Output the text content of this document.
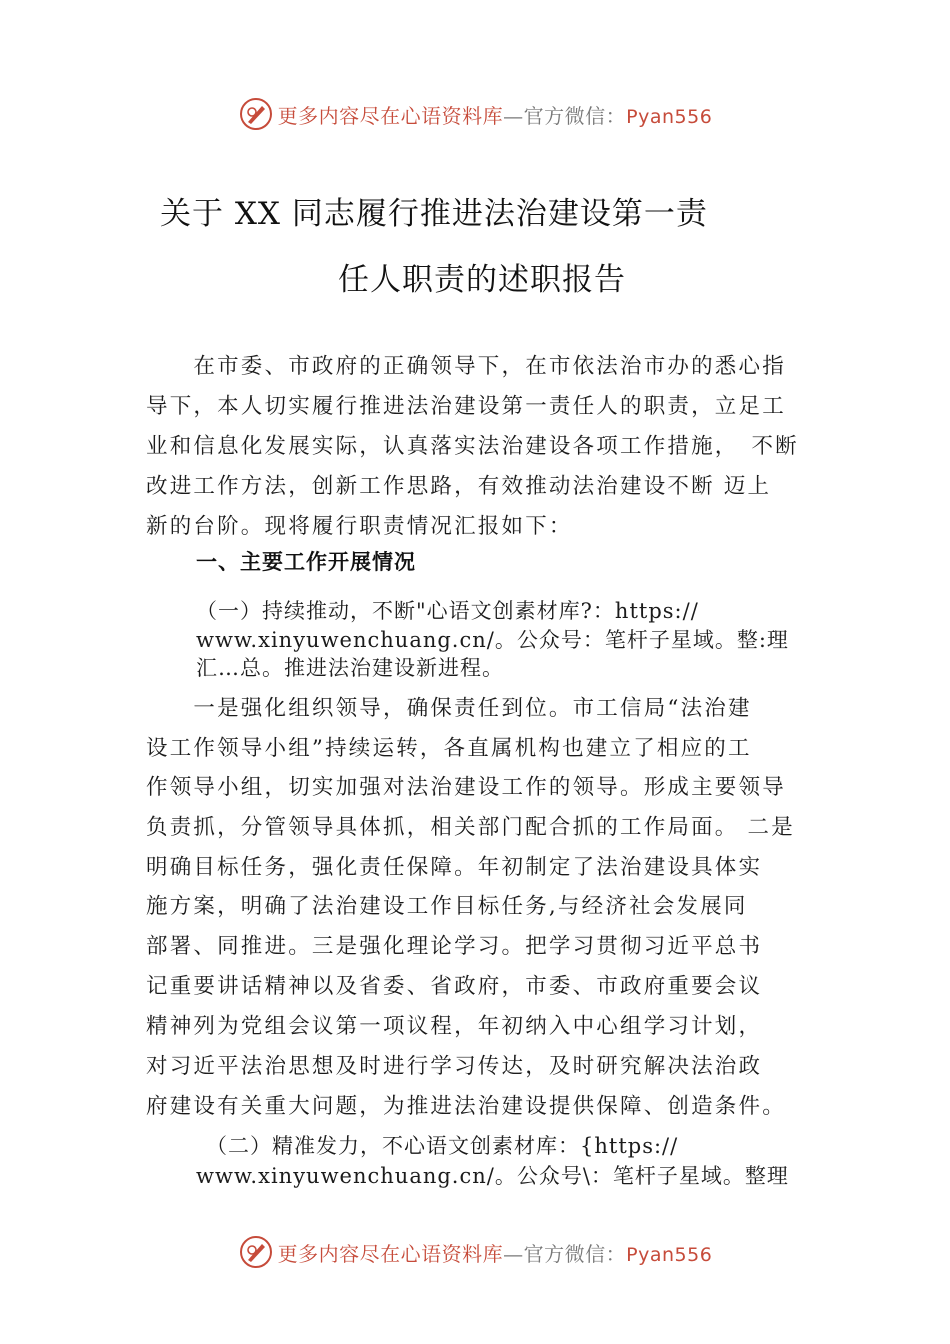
更多内容尽在心语资料库—官方微信：Pyan556
关于 XX 同志履行推进法治建设第一责
任人职责的述职报告
　　在市委、市政府的正确领导下，在市依法治市办的悉心指
导下，本人切实履行推进法治建设第一责任人的职责，立足工
业和信息化发展实际，认真落实法治建设各项工作措施，　不断
改进工作方法，创新工作思路，有效推动法治建设不断 迈上
新的台阶。现将履行职责情况汇报如下：
一、主要工作开展情况
（一）持续推动，不断"心语文创素材库?：https://
www.xinyuwenchuang.cn/。公众号：笔杆子星域。整:理
汇…总。推进法治建设新进程。
　　一是强化组织领导，确保责任到位。市工信局“法治建
设工作领导小组”持续运转，各直属机构也建立了相应的工
作领导小组，切实加强对法治建设工作的领导。形成主要领导
负责抓，分管领导具体抓，相关部门配合抓的工作局面。 二是
明确目标任务，强化责任保障。年初制定了法治建设具体实
施方案，明确了法治建设工作目标任务,与经济社会发展同
部署、同推进。三是强化理论学习。把学习贯彻习近平总书
记重要讲话精神以及省委、省政府，市委、市政府重要会议
精神列为党组会议第一项议程，年初纳入中心组学习计划，
对习近平法治思想及时进行学习传达，及时研究解决法治政
府建设有关重大问题，为推进法治建设提供保障、创造条件。
（二）精准发力，不心语文创素材库：{https://
www.xinyuwenchuang.cn/。公众号\：笔杆子星域。整理
更多内容尽在心语资料库—官方微信：Pyan556
